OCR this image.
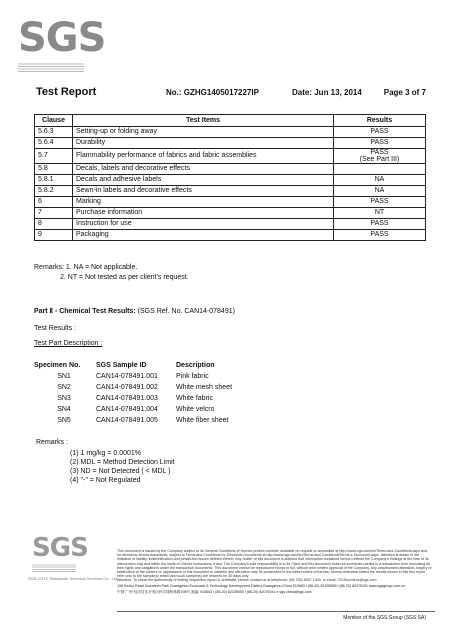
SGS
Test Report	No.: GZHG1405017227IP	Date: Jun 13, 2014	Page 3 of 7
Clause	Test Items	Results
5.6.3	Setting-up or folding away	PASS
5.6.4	Durability	PASS
5.7	Flammability performance of fabrics and fabric assemblies	PASS
(See Part III)

5.8	Decals, labels and decorative effects	
5.8.1	Decals and adhesive labels	NA
5.8.2	Sewn-in labels and decorative effects	NA
6	Marking	PASS
7	Purchase information	NT
8	Instruction for use	PASS
9	Packaging	PASS
Remarks: 1. NA = Not applicable.
2. NT = Not tested as per client's request.
Part Ⅱ - Chemical Test Results: (SGS Ref. No. CAN14-078491)
Test Results :
Test Part Description :
Specimen No.	SGS Sample ID	Description
SN1	CAN14-078491.001	Pink fabric
SN2	CAN14-078491.002	White mesh sheet
SN3	CAN14-078491.003	White fabric
SN4	CAN14-078491.004	White velcro
SN5	CAN14-078491.005	White fiber sheet
Remarks :
(1) 1 mg/kg = 0.0001%
(2) MDL = Method Detection Limit
(3) ND = Not Detected ( < MDL )
(4) "-" = Not Regulated
SGS
SGS-CSTC Standards Technical Services Co., Ltd.
This document is issued by the Company subject to its General Conditions of Service printed overleaf, available on request or accessible at http://www.sgs.com/en/Terms-and-Conditions.aspx and, for electronic format documents, subject to Terms and Conditions for Electronic Documents at http://www.sgs.com/en/Terms-and-Conditions/Terms-e-Document.aspx. Attention is drawn to the limitation of liability, indemnification and jurisdiction issues defined therein. Any holder of this document is advised that information contained hereon reflects the Company's findings at the time of its intervention only and within the limits of Client's instructions, if any. The Company's sole responsibility is to its Client and this document does not exonerate parties to a transaction from exercising all their rights and obligations under the transaction documents. This document cannot be reproduced except in full, without prior written approval of the Company. Any unauthorized alteration, forgery or falsification of the content or appearance of this document is unlawful and offenders may be prosecuted to the fullest extent of the law. Unless otherwise stated the results shown in this test report refer only to the sample(s) tested and such sample(s) are retained for 30 days only.
Attention: To check the authenticity of testing /inspection report & certificate, please contact us at telephone: (86-755) 8307 1443, or email: CN.Doccheck@sgs.com
198 Kezhu Road,Scientech Park Guangzhou Economic & Technology Development District,Guangzhou,China 510663 t (86-20) 82155555 f (86-20) 82075191 www.sgsgroup.com.cn
中国·广州·经济技术开发区科学城科珠路198号 邮编: 510663 t (86-20) 82155555 f (86-20) 82075191 e sgs.china@sgs.com
Member of the SGS Group (SGS SA)
